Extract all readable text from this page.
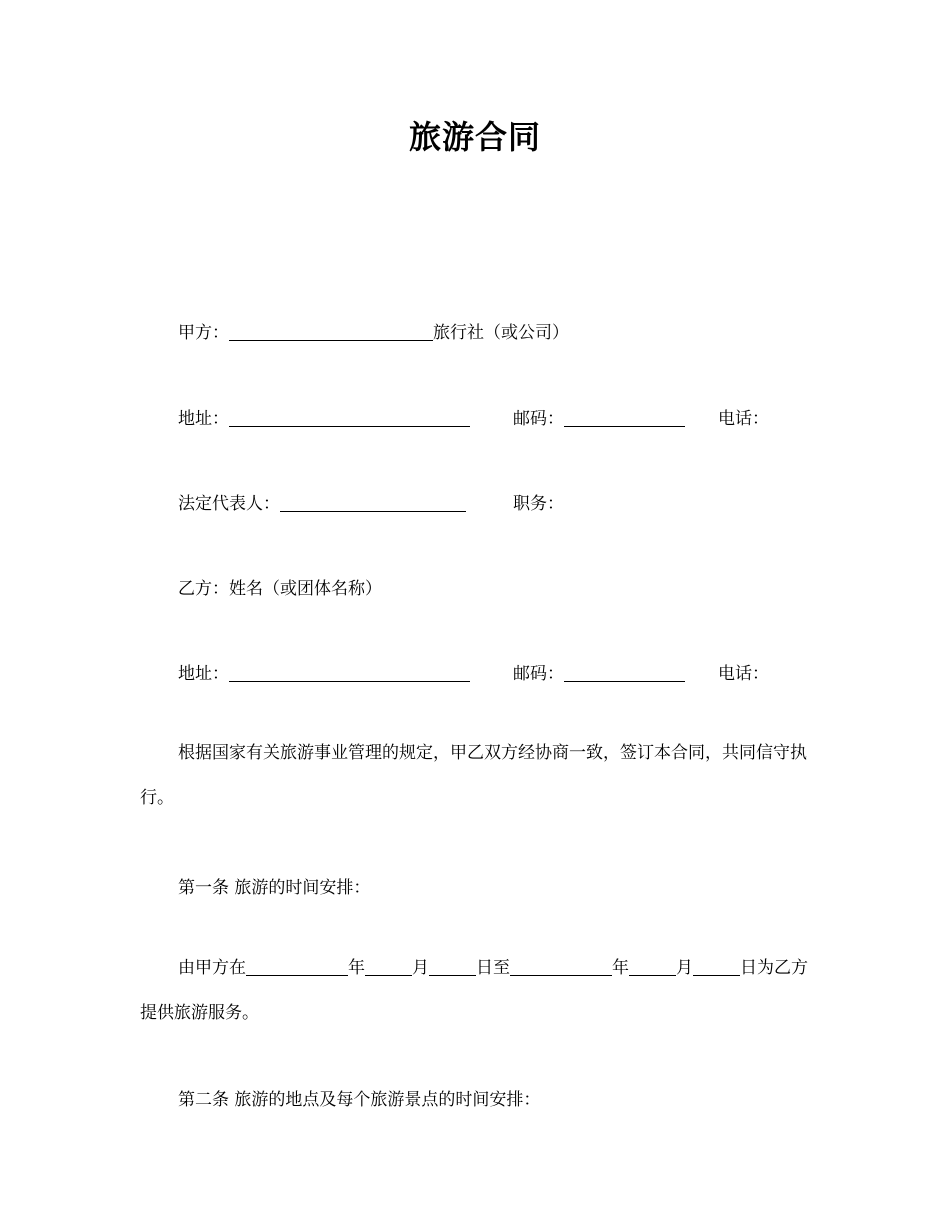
旅游合同
甲方：	旅行社（或公司）
地址：	邮码：	电话：
法定代表人：	职务：
乙方：姓名（或团体名称）
地址：	邮码：	电话：
根据国家有关旅游事业管理的规定，甲乙双方经协商一致，签订本合同，共同信守执行。
第一条 旅游的时间安排：
由甲方在	年	月	日至	年	月	日为乙方提供旅游服务。
第二条 旅游的地点及每个旅游景点的时间安排：
